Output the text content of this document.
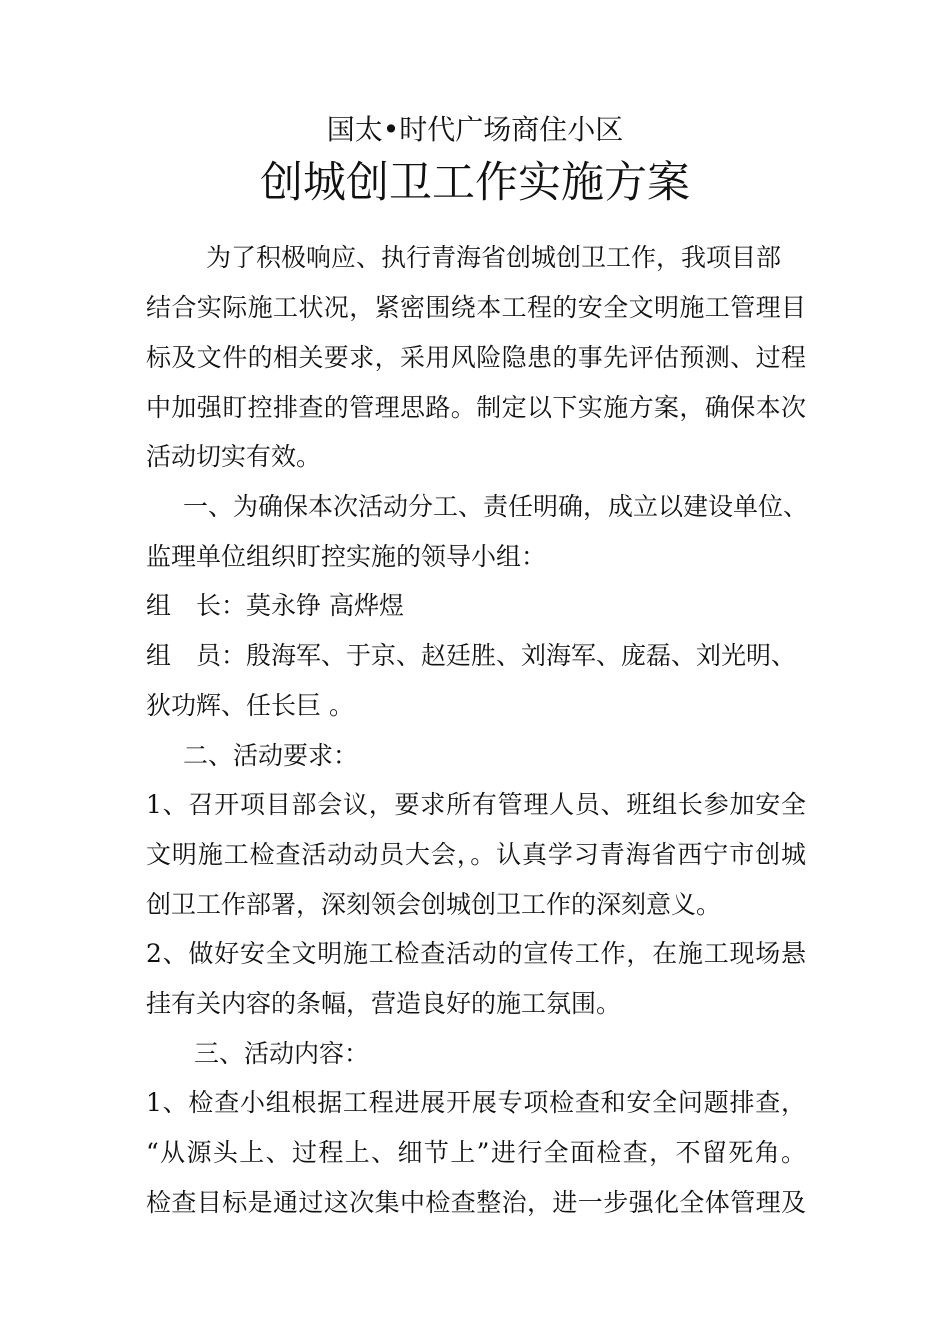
国太•时代广场商住小区
创城创卫工作实施方案
为了积极响应、执行青海省创城创卫工作，我项目部
结合实际施工状况，紧密围绕本工程的安全文明施工管理目
标及文件的相关要求，采用风险隐患的事先评估预测、过程
中加强盯控排查的管理思路。制定以下实施方案，确保本次
活动切实有效。
一、为确保本次活动分工、责任明确，成立以建设单位、
监理单位组织盯控实施的领导小组：
组　长：莫永铮 高烨煜
组　员：殷海军、于京、赵廷胜、刘海军、庞磊、刘光明、
狄功辉、任长巨 。
二、活动要求：
1、召开项目部会议，要求所有管理人员、班组长参加安全
文明施工检查活动动员大会，。认真学习青海省西宁市创城
创卫工作部署，深刻领会创城创卫工作的深刻意义。
2、做好安全文明施工检查活动的宣传工作，在施工现场悬
挂有关内容的条幅，营造良好的施工氛围。
三、活动内容：
1、检查小组根据工程进展开展专项检查和安全问题排查，
“从源头上、过程上、细节上”进行全面检查，不留死角。
检查目标是通过这次集中检查整治，进一步强化全体管理及
